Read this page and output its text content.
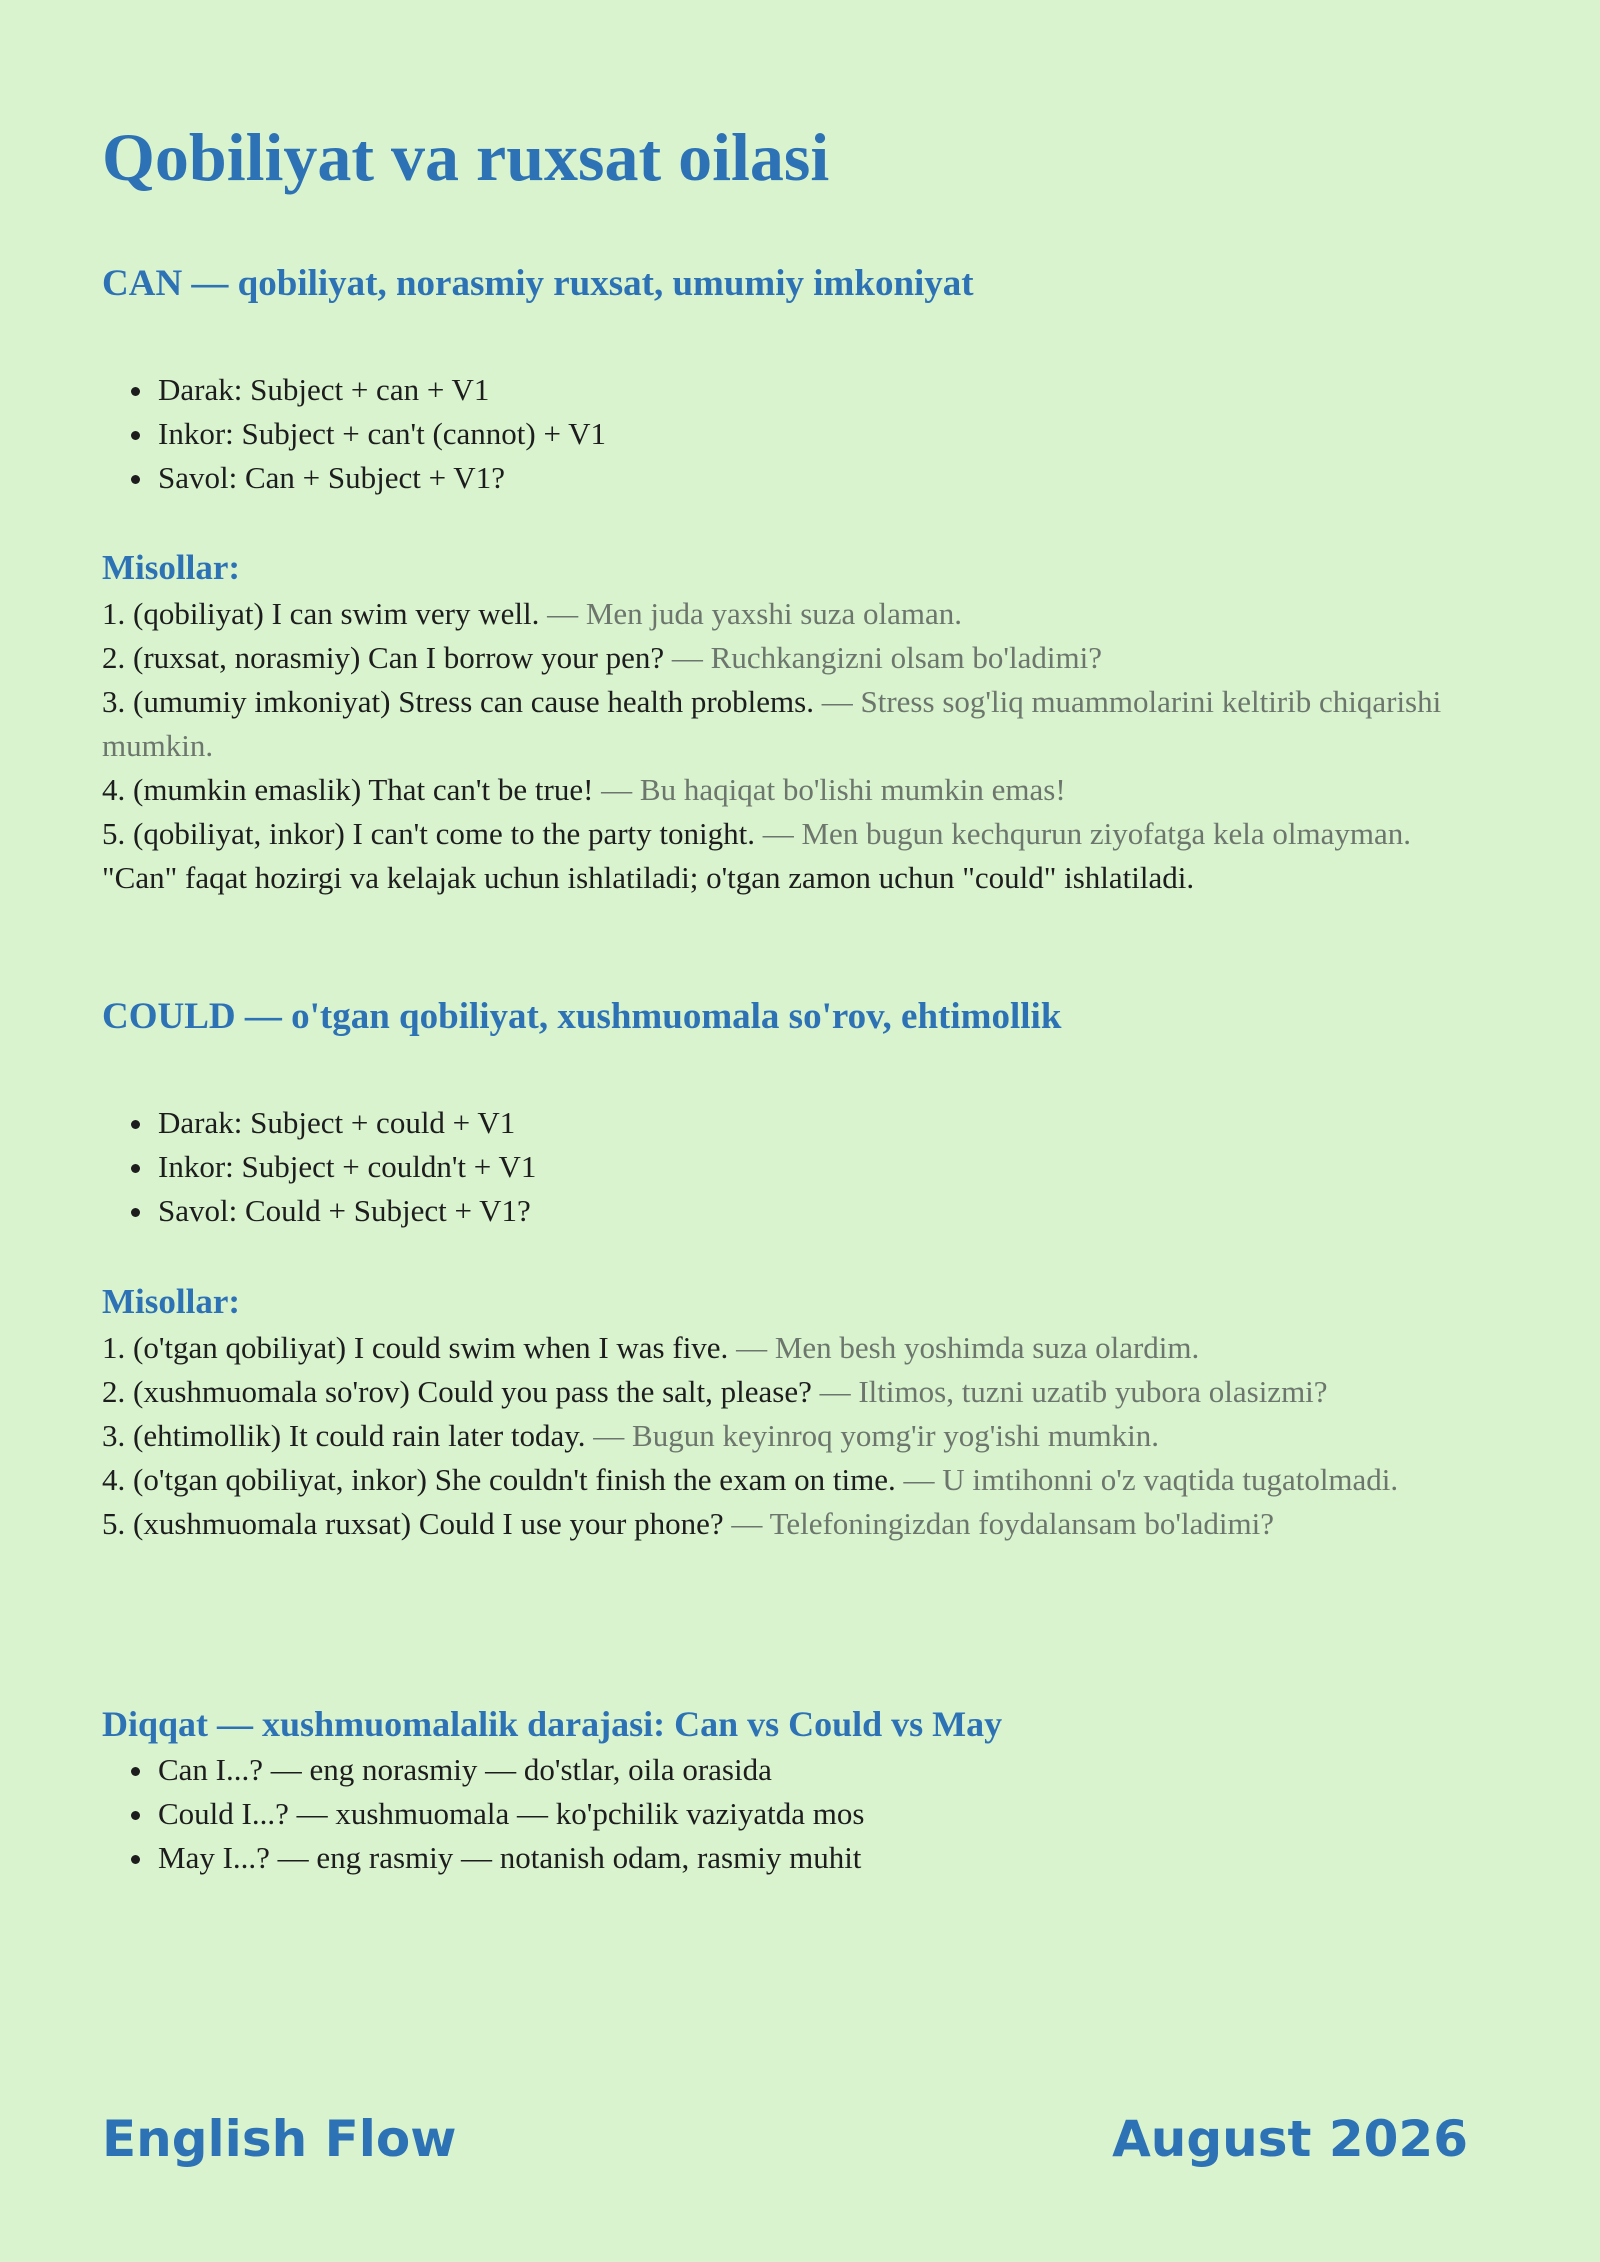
Qobiliyat va ruxsat oilasi
CAN — qobiliyat, norasmiy ruxsat, umumiy imkoniyat
• Darak: Subject + can + V1
• Inkor: Subject + can't (cannot) + V1
• Savol: Can + Subject + V1?
Misollar:
1. (qobiliyat) I can swim very well. — Men juda yaxshi suza olaman.
2. (ruxsat, norasmiy) Can I borrow your pen? — Ruchkangizni olsam bo'ladimi?
3. (umumiy imkoniyat) Stress can cause health problems. — Stress sog'liq muammolarini keltirib chiqarishi mumkin.
4. (mumkin emaslik) That can't be true! — Bu haqiqat bo'lishi mumkin emas!
5. (qobiliyat, inkor) I can't come to the party tonight. — Men bugun kechqurun ziyofatga kela olmayman.
"Can" faqat hozirgi va kelajak uchun ishlatiladi; o'tgan zamon uchun "could" ishlatiladi.
COULD — o'tgan qobiliyat, xushmuomala so'rov, ehtimollik
• Darak: Subject + could + V1
• Inkor: Subject + couldn't + V1
• Savol: Could + Subject + V1?
Misollar:
1. (o'tgan qobiliyat) I could swim when I was five. — Men besh yoshimda suza olardim.
2. (xushmuomala so'rov) Could you pass the salt, please? — Iltimos, tuzni uzatib yubora olasizmi?
3. (ehtimollik) It could rain later today. — Bugun keyinroq yomg'ir yog'ishi mumkin.
4. (o'tgan qobiliyat, inkor) She couldn't finish the exam on time. — U imtihonni o'z vaqtida tugatolmadi.
5. (xushmuomala ruxsat) Could I use your phone? — Telefoningizdan foydalansam bo'ladimi?
Diqqat — xushmuomalalik darajasi: Can vs Could vs May
• Can I...? — eng norasmiy — do'stlar, oila orasida
• Could I...? — xushmuomala — ko'pchilik vaziyatda mos
• May I...? — eng rasmiy — notanish odam, rasmiy muhit
English Flow	August 2026
